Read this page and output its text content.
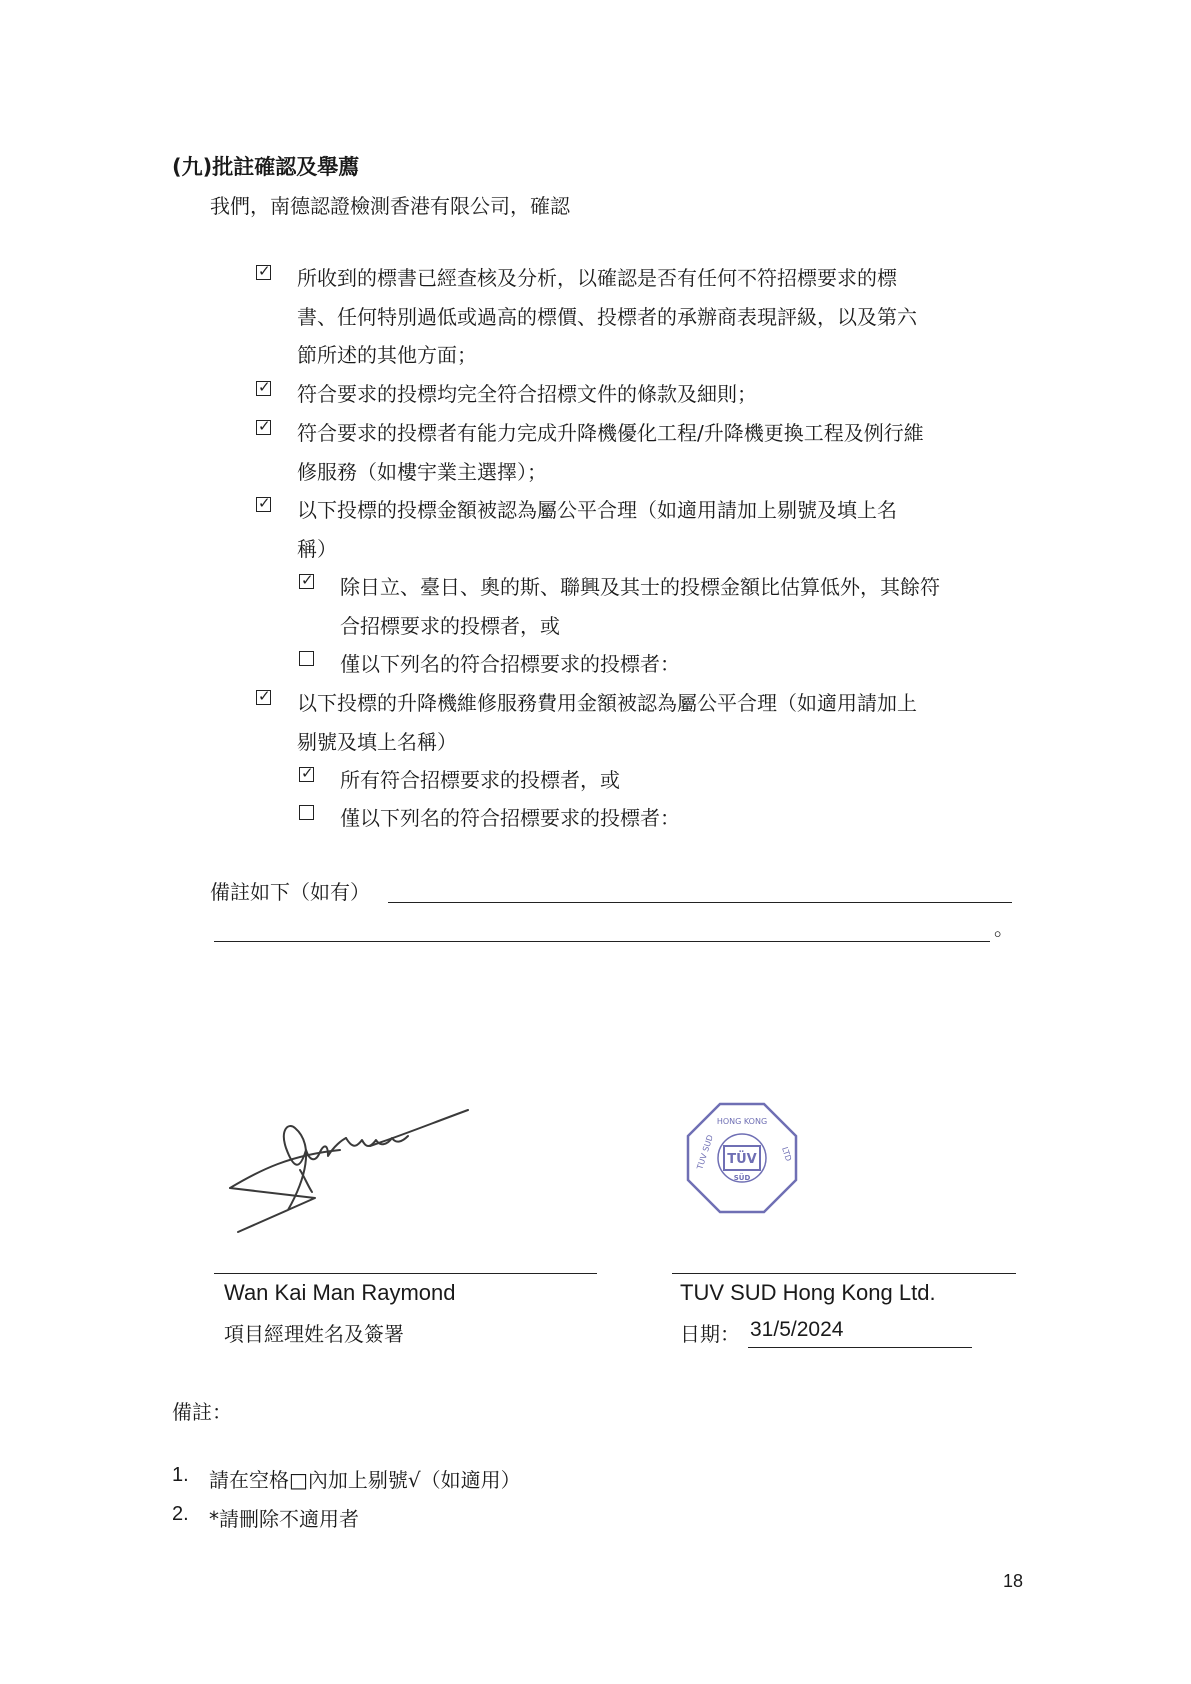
(九)批註確認及舉薦
我們，南德認證檢測香港有限公司，確認
✓
所收到的標書已經查核及分析，以確認是否有任何不符招標要求的標
書、任何特別過低或過高的標價、投標者的承辦商表現評級，以及第六
節所述的其他方面；
✓
符合要求的投標均完全符合招標文件的條款及細則；
✓
符合要求的投標者有能力完成升降機優化工程/升降機更換工程及例行維
修服務（如樓宇業主選擇）；
✓
以下投標的投標金額被認為屬公平合理（如適用請加上剔號及填上名
稱）
✓
除日立、臺日、奧的斯、聯興及其士的投標金額比估算低外，其餘符
合招標要求的投標者，或
僅以下列名的符合招標要求的投標者：
✓
以下投標的升降機維修服務費用金額被認為屬公平合理（如適用請加上
剔號及填上名稱）
✓
所有符合招標要求的投標者，或
僅以下列名的符合招標要求的投標者：
備註如下（如有）
。
TÜV
SÜD
HONG KONG
TUV SUD	LTD
Wan Kai Man Raymond
項目經理姓名及簽署
TUV SUD Hong Kong Ltd.
日期： 31/5/2024
備註：
1. 請在空格□內加上剔號√（如適用）
2. *請刪除不適用者
18
